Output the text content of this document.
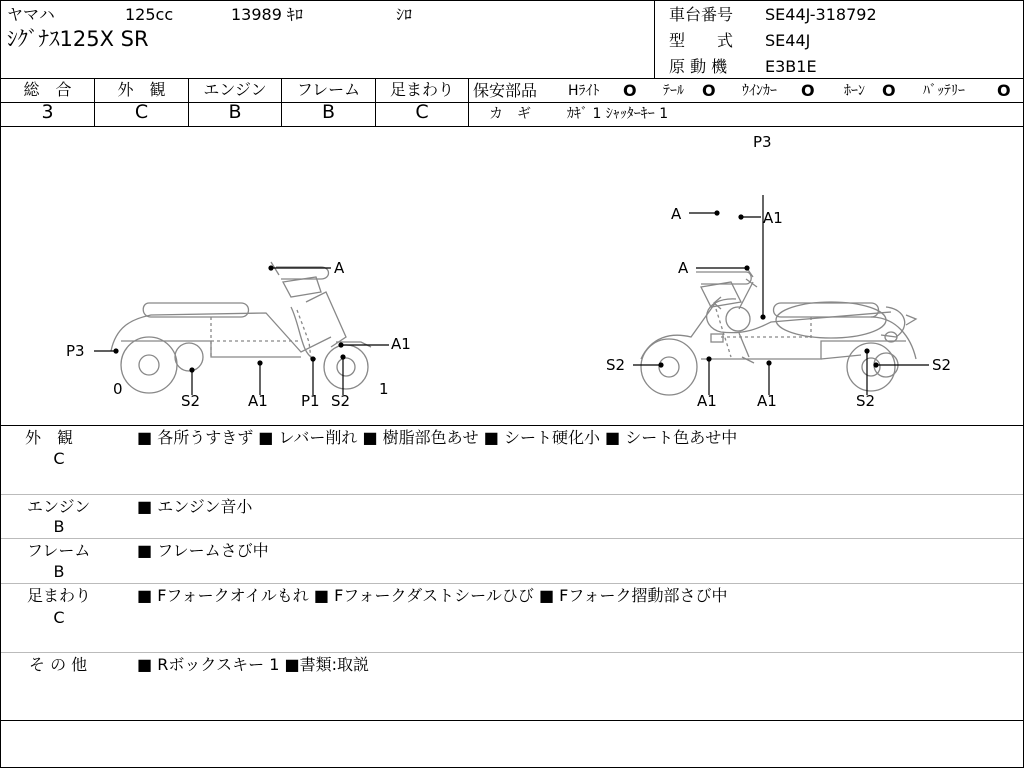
ヤマハ	125cc	13989 ｷﾛ	ｼﾛ
ｼｸﾞﾅｽ125X SR
車台番号 SE44J-318792
型　　式 SE44J
原 動 機 E3B1E
総　合
3
外　観
C
エンジン
B
フレーム
B
足まわり
C
保安部品 Hﾗｲﾄ O ﾃｰﾙ O ｳｲﾝｶｰ O ﾎｰﾝ O ﾊﾞｯﾃﾘｰ O
カ　ギ	ｶｷﾞ 1 ｼｬｯﾀｰｷｰ 1
P3
A	A1
A
P3	A1
0	1
S2	A1 P1 S2
A
S2	S2
A1	A1	S2
外　観
C
■ 各所うすきず ■ レバー削れ ■ 樹脂部色あせ ■ シート硬化小 ■ シート色あせ中
エンジン
B
■ エンジン音小
フレーム
B
■ フレームさび中
足まわり
C
■ Fフォークオイルもれ ■ Fフォークダストシールひび ■ Fフォーク摺動部さび中
そ の 他	■ Rボックスキー 1 ■書類:取説
